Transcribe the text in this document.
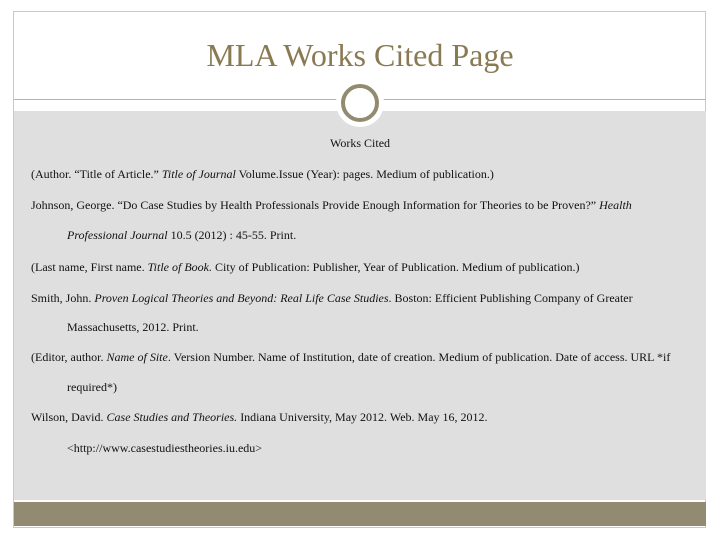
MLA Works Cited Page
Works Cited
(Author. “Title of Article.” Title of Journal Volume.Issue (Year): pages. Medium of publication.)
Johnson, George. “Do Case Studies by Health Professionals Provide Enough Information for Theories to be Proven?” Health
Professional Journal 10.5 (2012) : 45-55. Print.
(Last name, First name. Title of Book. City of Publication: Publisher, Year of Publication. Medium of publication.)
Smith, John. Proven Logical Theories and Beyond: Real Life Case Studies. Boston: Efficient Publishing Company of Greater
Massachusetts, 2012. Print.
(Editor, author. Name of Site. Version Number. Name of Institution, date of creation. Medium of publication. Date of access. URL *if
required*)
Wilson, David. Case Studies and Theories. Indiana University, May 2012. Web. May 16, 2012.
<http://www.casestudiestheories.iu.edu>
